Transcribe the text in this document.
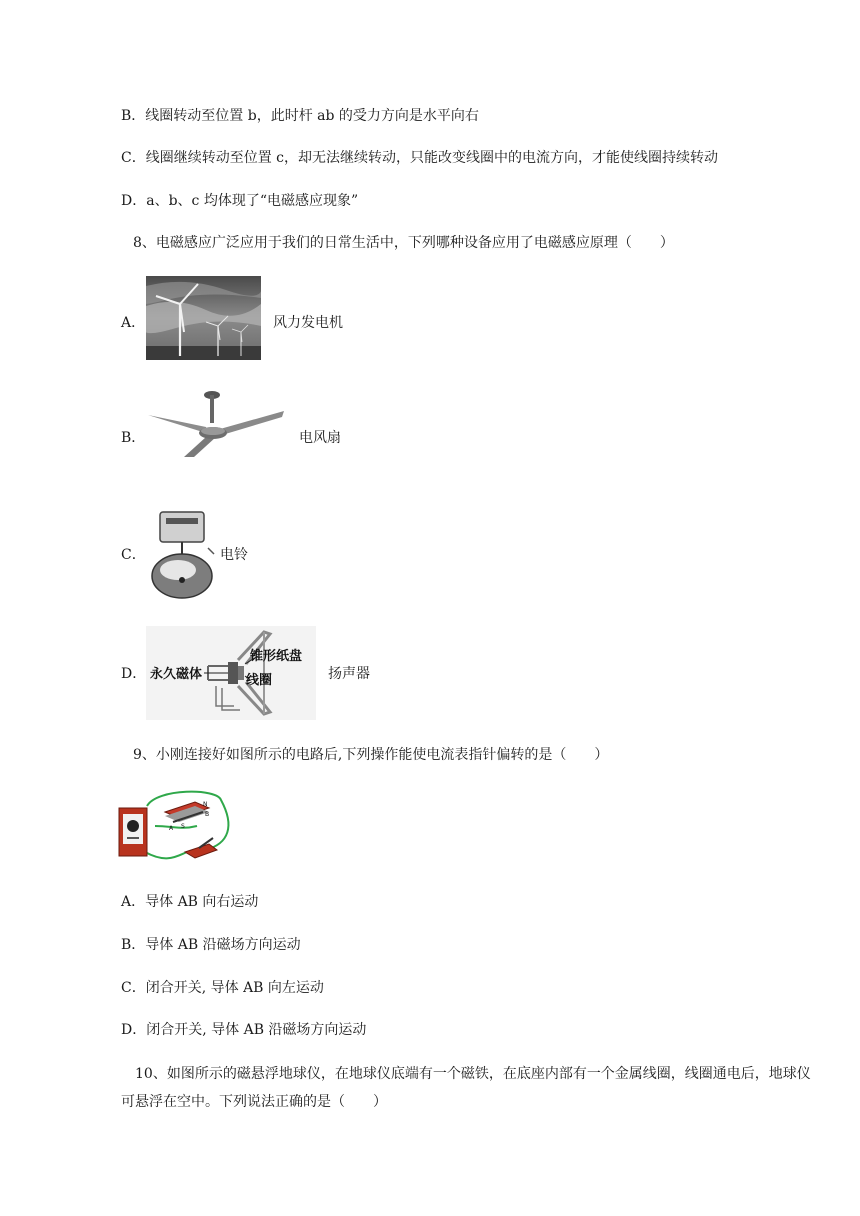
B．线圈转动至位置 b，此时杆 ab 的受力方向是水平向右
C．线圈继续转动至位置 c，却无法继续转动，只能改变线圈中的电流方向，才能使线圈持续转动
D．a、b、c 均体现了“电磁感应现象”
8、电磁感应广泛应用于我们的日常生活中，下列哪种设备应用了电磁感应原理（　　）
A．	风力发电机
B．	电风扇
C．	电铃
D． 永久磁体
锥形纸盘
线圈	扬声器
9、小刚连接好如图所示的电路后,下列操作能使电流表指针偏转的是（　　）
A S
N
B
A．导体 AB 向右运动
B．导体 AB 沿磁场方向运动
C．闭合开关, 导体 AB 向左运动
D．闭合开关, 导体 AB 沿磁场方向运动
　10、如图所示的磁悬浮地球仪，在地球仪底端有一个磁铁，在底座内部有一个金属线圈，线圈通电后，地球仪可悬浮在空中。下列说法正确的是（　　）
